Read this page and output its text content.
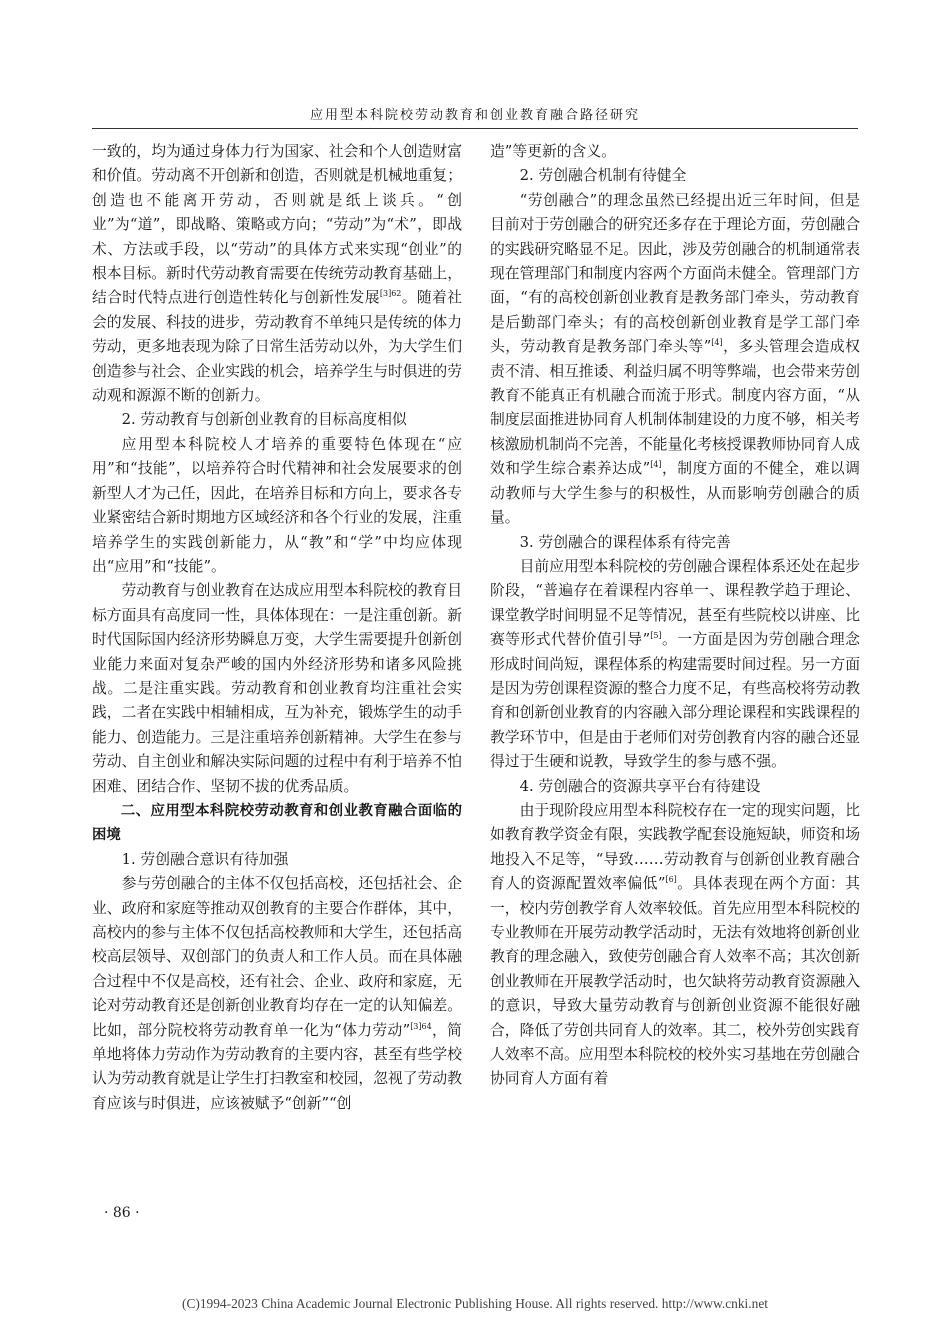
应用型本科院校劳动教育和创业教育融合路径研究

一致的，均为通过身体力行为国家、社会和个人创造财富和价值。劳动离不开创新和创造，否则就是机械地重复；创造也不能离开劳动，否则就是纸上谈兵。“创业”为“道”，即战略、策略或方向；“劳动”为“术”，即战术、方法或手段，以“劳动”的具体方式来实现“创业”的根本目标。新时代劳动教育需要在传统劳动教育基础上，结合时代特点进行创造性转化与创新性发展$^{[3]62}$。随着社会的发展、科技的进步，劳动教育不单纯只是传统的体力劳动，更多地表现为除了日常生活劳动以外，为大学生们创造参与社会、企业实践的机会，培养学生与时俱进的劳动观和源源不断的创新力。

2. 劳动教育与创新创业教育的目标高度相似

应用型本科院校人才培养的重要特色体现在“应用”和“技能”，以培养符合时代精神和社会发展要求的创新型人才为己任，因此，在培养目标和方向上，要求各专业紧密结合新时期地方区域经济和各个行业的发展，注重培养学生的实践创新能力，从“教”和“学”中均应体现出“应用”和“技能”。

劳动教育与创业教育在达成应用型本科院校的教育目标方面具有高度同一性，具体体现在：一是注重创新。新时代国际国内经济形势瞬息万变，大学生需要提升创新创业能力来面对复杂严峻的国内外经济形势和诸多风险挑战。二是注重实践。劳动教育和创业教育均注重社会实践，二者在实践中相辅相成，互为补充，锻炼学生的动手能力、创造能力。三是注重培养创新精神。大学生在参与劳动、自主创业和解决实际问题的过程中有利于培养不怕困难、团结合作、坚韧不拔的优秀品质。

二、应用型本科院校劳动教育和创业教育融合面临的困境

1. 劳创融合意识有待加强

参与劳创融合的主体不仅包括高校，还包括社会、企业、政府和家庭等推动双创教育的主要合作群体，其中，高校内的参与主体不仅包括高校教师和大学生，还包括高校高层领导、双创部门的负责人和工作人员。而在具体融合过程中不仅是高校，还有社会、企业、政府和家庭，无论对劳动教育还是创新创业教育均存在一定的认知偏差。比如，部分院校将劳动教育单一化为“体力劳动”$^{[3]64}$，简单地将体力劳动作为劳动教育的主要内容，甚至有些学校认为劳动教育就是让学生打扫教室和校园，忽视了劳动教育应该与时俱进，应该被赋予“创新”“创

造”等更新的含义。

2. 劳创融合机制有待健全

“劳创融合”的理念虽然已经提出近三年时间，但是目前对于劳创融合的研究还多存在于理论方面，劳创融合的实践研究略显不足。因此，涉及劳创融合的机制通常表现在管理部门和制度内容两个方面尚未健全。管理部门方面，“有的高校创新创业教育是教务部门牵头，劳动教育是后勤部门牵头；有的高校创新创业教育是学工部门牵头，劳动教育是教务部门牵头等”[4]，多头管理会造成权责不清、相互推诿、利益归属不明等弊端，也会带来劳创教育不能真正有机融合而流于形式。制度内容方面，“从制度层面推进协同育人机制体制建设的力度不够，相关考核激励机制尚不完善，不能量化考核授课教师协同育人成效和学生综合素养达成”[4]，制度方面的不健全，难以调动教师与大学生参与的积极性，从而影响劳创融合的质量。

3. 劳创融合的课程体系有待完善

目前应用型本科院校的劳创融合课程体系还处在起步阶段，“普遍存在着课程内容单一、课程教学趋于理论、课堂教学时间明显不足等情况，甚至有些院校以讲座、比赛等形式代替价值引导”[5]。一方面是因为劳创融合理念形成时间尚短，课程体系的构建需要时间过程。另一方面是因为劳创课程资源的整合力度不足，有些高校将劳动教育和创新创业教育的内容融入部分理论课程和实践课程的教学环节中，但是由于老师们对劳创教育内容的融合还显得过于生硬和说教，导致学生的参与感不强。

4. 劳创融合的资源共享平台有待建设

由于现阶段应用型本科院校存在一定的现实问题，比如教育教学资金有限，实践教学配套设施短缺，师资和场地投入不足等，“导致……劳动教育与创新创业教育融合育人的资源配置效率偏低”[6]。具体表现在两个方面：其一，校内劳创教学育人效率较低。首先应用型本科院校的专业教师在开展劳动教学活动时，无法有效地将创新创业教育的理念融入，致使劳创融合育人效率不高；其次创新创业教师在开展教学活动时，也欠缺将劳动教育资源融入的意识，导致大量劳动教育与创新创业资源不能很好融合，降低了劳创共同育人的效率。其二，校外劳创实践育人效率不高。应用型本科院校的校外实习基地在劳创融合协同育人方面有着

· 86 ·
(C)1994-2023 China Academic Journal Electronic Publishing House. All rights reserved. http://www.cnki.net
